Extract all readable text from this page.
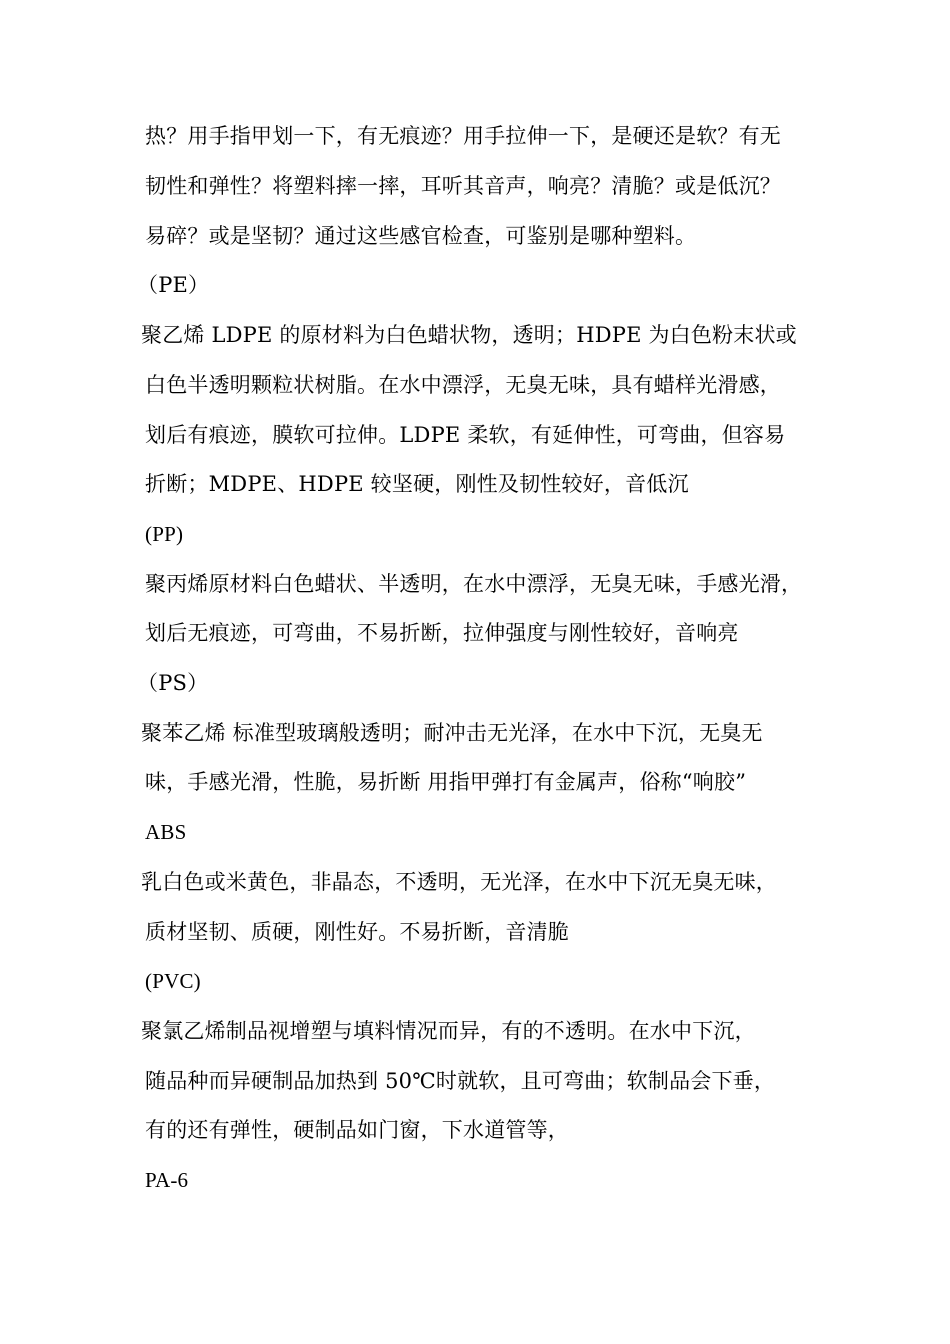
热？用手指甲划一下，有无痕迹？用手拉伸一下，是硬还是软？有无
韧性和弹性？将塑料摔一摔，耳听其音声，响亮？清脆？或是低沉？
易碎？或是坚韧？通过这些感官检查，可鉴别是哪种塑料。
（PE）
聚乙烯 LDPE 的原材料为白色蜡状物，透明；HDPE 为白色粉末状或
白色半透明颗粒状树脂。在水中漂浮，无臭无味，具有蜡样光滑感，
划后有痕迹，膜软可拉伸。LDPE 柔软，有延伸性，可弯曲，但容易
折断；MDPE、HDPE 较坚硬，刚性及韧性较好，音低沉
(PP)
聚丙烯原材料白色蜡状、半透明，在水中漂浮，无臭无味，手感光滑，
划后无痕迹，可弯曲，不易折断，拉伸强度与刚性较好，音响亮
（PS）
聚苯乙烯 标准型玻璃般透明；耐冲击无光泽，在水中下沉，无臭无
味，手感光滑，性脆，易折断 用指甲弹打有金属声，俗称“响胶”
ABS
乳白色或米黄色，非晶态，不透明，无光泽，在水中下沉无臭无味，
质材坚韧、质硬，刚性好。不易折断，音清脆
(PVC)
聚氯乙烯制品视增塑与填料情况而异，有的不透明。在水中下沉，
随品种而异硬制品加热到 50℃时就软，且可弯曲；软制品会下垂，
有的还有弹性，硬制品如门窗，下水道管等，
PA-6
